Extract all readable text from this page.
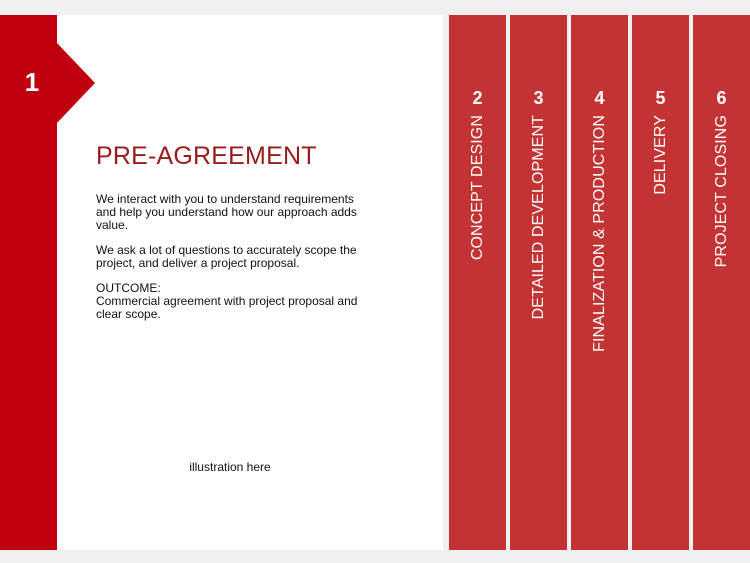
1
PRE-AGREEMENT

We interact with you to understand requirements and help you understand how our approach adds value.

We ask a lot of questions to accurately scope the project, and deliver a project proposal.

OUTCOME:
Commercial agreement with project proposal and clear scope.
illustration here
2
CONCEPT DESIGN
3
DETAILED DEVELOPMENT
4
FINALIZATION & PRODUCTION
5
DELIVERY
6
PROJECT CLOSING
